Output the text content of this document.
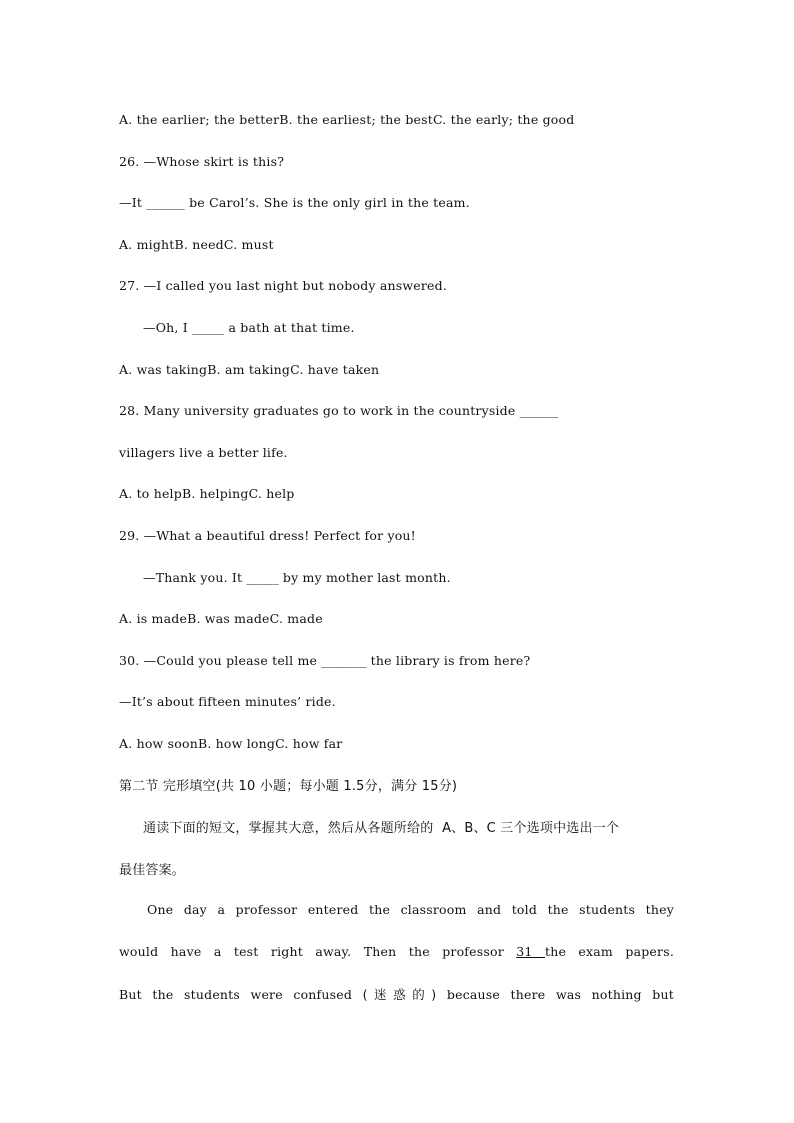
A. the earlier; the betterB. the earliest; the bestC. the early; the good
26. —Whose skirt is this?
—It ______ be Carol’s. She is the only girl in the team.
A. mightB. needC. must
27. —I called you last night but nobody answered.
—Oh, I _____ a bath at that time.
A. was takingB. am takingC. have taken
28. Many university graduates go to work in the countryside ______
villagers live a better life.
A. to helpB. helpingC. help
29. —What a beautiful dress! Perfect for you!
—Thank you. It _____ by my mother last month.
A. is madeB. was madeC. made
30. —Could you please tell me _______ the library is from here?
—It’s about fifteen minutes’ ride.
A. how soonB. how longC. how far
第二节 完形填空(共 10 小题；每小题 1.5分，满分 15分)
通读下面的短文，掌握其大意，然后从各题所给的  A、B、C 三个选项中选出一个
最佳答案。
One day a professor entered the classroom and told the students they
would have a test right away. Then the professor 31 the exam papers.
But the students were confused (迷惑的) because there was nothing but
